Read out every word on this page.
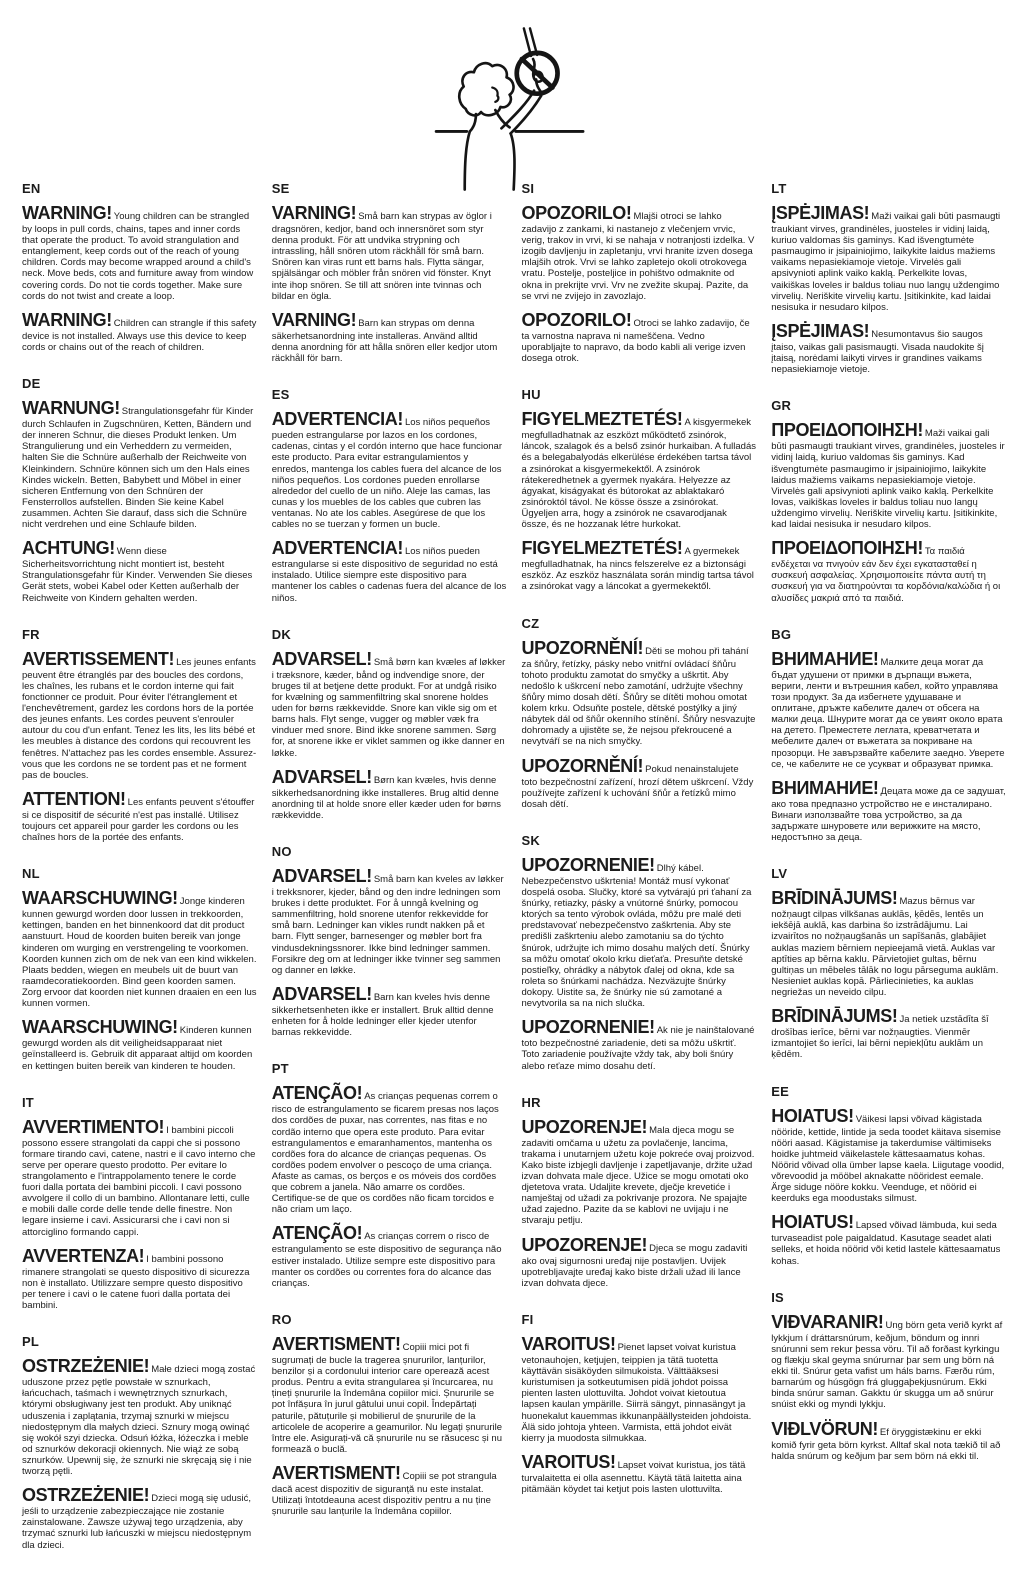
EN

WARNING! Young children can be strangled by loops in pull cords, chains, tapes and inner cords that operate the product. To avoid strangulation and entanglement, keep cords out of the reach of young children. Cords may become wrapped around a child's neck. Move beds, cots and furniture away from window covering cords. Do not tie cords together. Make sure cords do not twist and create a loop.

WARNING! Children can strangle if this safety device is not installed. Always use this device to keep cords or chains out of the reach of children.

DE

WARNUNG! Strangulationsgefahr für Kinder durch Schlaufen in Zugschnüren, Ketten, Bändern und der inneren Schnur, die dieses Produkt lenken. Um Strangulierung und ein Verheddern zu vermeiden, halten Sie die Schnüre außerhalb der Reichweite von Kleinkindern. Schnüre können sich um den Hals eines Kindes wickeln. Betten, Babybett und Möbel in einer sicheren Entfernung von den Schnüren der Fensterrollos aufstellen. Binden Sie keine Kabel zusammen. Achten Sie darauf, dass sich die Schnüre nicht verdrehen und eine Schlaufe bilden.

ACHTUNG! Wenn diese Sicherheitsvorrichtung nicht montiert ist, besteht Strangulationsgefahr für Kinder. Verwenden Sie dieses Gerät stets, wobei Kabel oder Ketten außerhalb der Reichweite von Kindern gehalten werden.

FR

AVERTISSEMENT! Les jeunes enfants peuvent être étranglés par des boucles des cordons, les chaînes, les rubans et le cordon interne qui fait fonctionner ce produit. Pour éviter l'étranglement et l'enchevêtrement, gardez les cordons hors de la portée des jeunes enfants. Les cordes peuvent s'enrouler autour du cou d'un enfant. Tenez les lits, les lits bébé et les meubles à distance des cordons qui recouvrent les fenêtres. N'attachez pas les cordes ensemble. Assurez-vous que les cordons ne se tordent pas et ne forment pas de boucles.

ATTENTION! Les enfants peuvent s'étouffer si ce dispositif de sécurité n'est pas installé. Utilisez toujours cet appareil pour garder les cordons ou les chaînes hors de la portée des enfants.

NL

WAARSCHUWING! Jonge kinderen kunnen gewurgd worden door lussen in trekkoorden, kettingen, banden en het binnenkoord dat dit product aanstuurt. Houd de koorden buiten bereik van jonge kinderen om wurging en verstrengeling te voorkomen. Koorden kunnen zich om de nek van een kind wikkelen. Plaats bedden, wiegen en meubels uit de buurt van raamdecoratiekoorden. Bind geen koorden samen. Zorg ervoor dat koorden niet kunnen draaien en een lus kunnen vormen.

WAARSCHUWING! Kinderen kunnen gewurgd worden als dit veiligheidsapparaat niet geïnstalleerd is. Gebruik dit apparaat altijd om koorden en kettingen buiten bereik van kinderen te houden.

IT

AVVERTIMENTO! I bambini piccoli possono essere strangolati da cappi che si possono formare tirando cavi, catene, nastri e il cavo interno che serve per operare questo prodotto. Per evitare lo strangolamento e l'intrappolamento tenere le corde fuori dalla portata dei bambini piccoli. I cavi possono avvolgere il collo di un bambino. Allontanare letti, culle e mobili dalle corde delle tende delle finestre. Non legare insieme i cavi. Assicurarsi che i cavi non si attorciglino formando cappi.

AVVERTENZA! I bambini possono rimanere strangolati se questo dispositivo di sicurezza non è installato. Utilizzare sempre questo dispositivo per tenere i cavi o le catene fuori dalla portata dei bambini.

PL

OSTRZEŻENIE! Małe dzieci mogą zostać uduszone przez pętle powstałe w sznurkach, łańcuchach, taśmach i wewnętrznych sznurkach, którymi obsługiwany jest ten produkt. Aby uniknąć uduszenia i zaplątania, trzymaj sznurki w miejscu niedostępnym dla małych dzieci. Sznury mogą owinąć się wokół szyi dziecka. Odsuń łóżka, łóżeczka i meble od sznurków dekoracji okiennych. Nie wiąż ze sobą sznurków. Upewnij się, że sznurki nie skręcają się i nie tworzą pętli.

OSTRZEŻENIE! Dzieci mogą się udusić, jeśli to urządzenie zabezpieczające nie zostanie zainstalowane. Zawsze używaj tego urządzenia, aby trzymać sznurki lub łańcuszki w miejscu niedostępnym dla dzieci.

SE

VARNING! Små barn kan strypas av öglor i dragsnören, kedjor, band och innersnöret som styr denna produkt. För att undvika strypning och intrassling, håll snören utom räckhåll för små barn. Snören kan viras runt ett barns hals. Flytta sängar, spjälsängar och möbler från snören vid fönster. Knyt inte ihop snören. Se till att snören inte tvinnas och bildar en ögla.

VARNING! Barn kan strypas om denna säkerhetsanordning inte installeras. Använd alltid denna anordning för att hålla snören eller kedjor utom räckhåll för barn.

ES

ADVERTENCIA! Los niños pequeños pueden estrangularse por lazos en los cordones, cadenas, cintas y el cordón interno que hace funcionar este producto. Para evitar estrangulamientos y enredos, mantenga los cables fuera del alcance de los niños pequeños. Los cordones pueden enrollarse alrededor del cuello de un niño. Aleje las camas, las cunas y los muebles de los cables que cubren las ventanas. No ate los cables. Asegúrese de que los cables no se tuerzan y formen un bucle.

ADVERTENCIA! Los niños pueden estrangularse si este dispositivo de seguridad no está instalado. Utilice siempre este dispositivo para mantener los cables o cadenas fuera del alcance de los niños.

DK

ADVARSEL! Små børn kan kvæles af løkker i træksnore, kæder, bånd og indvendige snore, der bruges til at betjene dette produkt. For at undgå risiko for kvælning og sammenfiltring skal snorene holdes uden for børns rækkevidde. Snore kan vikle sig om et barns hals. Flyt senge, vugger og møbler væk fra vinduer med snore. Bind ikke snorene sammen. Sørg for, at snorene ikke er viklet sammen og ikke danner en løkke.

ADVARSEL! Børn kan kvæles, hvis denne sikkerhedsanordning ikke installeres. Brug altid denne anordning til at holde snore eller kæder uden for børns rækkevidde.

NO

ADVARSEL! Små barn kan kveles av løkker i trekksnorer, kjeder, bånd og den indre ledningen som brukes i dette produktet. For å unngå kvelning og sammenfiltring, hold snorene utenfor rekkevidde for små barn. Ledninger kan vikles rundt nakken på et barn. Flytt senger, barnesenger og møbler bort fra vindusdekningssnorer. Ikke bind ledninger sammen. Forsikre deg om at ledninger ikke tvinner seg sammen og danner en løkke.

ADVARSEL! Barn kan kveles hvis denne sikkerhetsenheten ikke er installert. Bruk alltid denne enheten for å holde ledninger eller kjeder utenfor barnas rekkevidde.

PT

ATENÇÃO! As crianças pequenas correm o risco de estrangulamento se ficarem presas nos laços dos cordões de puxar, nas correntes, nas fitas e no cordão interno que opera este produto. Para evitar estrangulamentos e emaranhamentos, mantenha os cordões fora do alcance de crianças pequenas. Os cordões podem envolver o pescoço de uma criança. Afaste as camas, os berços e os móveis dos cordões que cobrem a janela. Não amarre os cordões. Certifique-se de que os cordões não ficam torcidos e não criam um laço.

ATENÇÃO! As crianças correm o risco de estrangulamento se este dispositivo de segurança não estiver instalado. Utilize sempre este dispositivo para manter os cordões ou correntes fora do alcance das crianças.

RO

AVERTISMENT! Copiii mici pot fi sugrumați de bucle la tragerea șnururilor, lanțurilor, benzilor și a cordonului interior care operează acest produs. Pentru a evita strangularea și încurcarea, nu țineți șnururile la îndemâna copiilor mici. Șnururile se pot înfășura în jurul gâtului unui copil. Îndepărtați paturile, pătuțurile și mobilierul de șnururile de la articolele de acoperire a geamurilor. Nu legați șnururile între ele. Asigurați-vă că șnururile nu se răsucesc și nu formează o buclă.

AVERTISMENT! Copiii se pot strangula dacă acest dispozitiv de siguranță nu este instalat. Utilizați întotdeauna acest dispozitiv pentru a nu ține șnururile sau lanțurile la îndemâna copiilor.

SI

OPOZORILO! Mlajši otroci se lahko zadavijo z zankami, ki nastanejo z vlečenjem vrvic, verig, trakov in vrvi, ki se nahaja v notranjosti izdelka. V izogib davljenju in zapletanju, vrvi hranite izven dosega mlajših otrok. Vrvi se lahko zapletejo okoli otrokovega vratu. Postelje, posteljice in pohištvo odmaknite od okna in prekrijte vrvi. Vrv ne zvežite skupaj. Pazite, da se vrvi ne zvijejo in zavozlajo.

OPOZORILO! Otroci se lahko zadavijo, če ta varnostna naprava ni nameščena. Vedno uporabljajte to napravo, da bodo kabli ali verige izven dosega otrok.

HU

FIGYELMEZTETÉS! A kisgyermekek megfulladhatnak az eszközt működtető zsinórok, láncok, szalagok és a belső zsinór hurkaiban. A fulladás és a belegabalyodás elkerülése érdekében tartsa távol a zsinórokat a kisgyermekektől. A zsinórok rátekeredhetnek a gyermek nyakára. Helyezze az ágyakat, kiságyakat és bútorokat az ablaktakaró zsinóroktól távol. Ne kösse össze a zsinórokat. Ügyeljen arra, hogy a zsinórok ne csavarodjanak össze, és ne hozzanak létre hurkokat.

FIGYELMEZTETÉS! A gyermekek megfulladhatnak, ha nincs felszerelve ez a biztonsági eszköz. Az eszköz használata során mindig tartsa távol a zsinórokat vagy a láncokat a gyermekektől.

CZ

UPOZORNĚNÍ! Děti se mohou při tahání za šňůry, řetízky, pásky nebo vnitřní ovládací šňůru tohoto produktu zamotat do smyčky a uškrtit. Aby nedošlo k uškrcení nebo zamotání, udržujte všechny šňůry mimo dosah dětí. Šňůry se dítěti mohou omotat kolem krku. Odsuňte postele, dětské postýlky a jiný nábytek dál od šňůr okenního stínění. Šňůry nesvazujte dohromady a ujistěte se, že nejsou překroucené a nevytváří se na nich smyčky.

UPOZORNĚNÍ! Pokud nenainstalujete toto bezpečnostní zařízení, hrozí dětem uškrcení. Vždy používejte zařízení k uchování šňůr a řetízků mimo dosah dětí.

SK

UPOZORNENIE! Dlhý kábel. Nebezpečenstvo uškrtenia! Montáž musí vykonať dospelá osoba. Slučky, ktoré sa vytvárajú pri ťahaní za šnúrky, retiazky, pásky a vnútorné šnúrky, pomocou ktorých sa tento výrobok ovláda, môžu pre malé deti predstavovať nebezpečenstvo zaškrtenia. Aby ste predišli zaškrteniu alebo zamotaniu sa do týchto šnúrok, udržujte ich mimo dosahu malých detí. Šnúrky sa môžu omotať okolo krku dieťaťa. Presuňte detské postieľky, ohrádky a nábytok ďalej od okna, kde sa roleta so šnúrkami nachádza. Nezväzujte šnúrky dokopy. Uistite sa, že šnúrky nie sú zamotané a nevytvorila sa na nich slučka.

UPOZORNENIE! Ak nie je nainštalované toto bezpečnostné zariadenie, deti sa môžu uškrtiť. Toto zariadenie používajte vždy tak, aby boli šnúry alebo reťaze mimo dosahu detí.

HR

UPOZORENJE! Mala djeca mogu se zadaviti omčama u užetu za povlačenje, lancima, trakama i unutarnjem užetu koje pokreće ovaj proizvod. Kako biste izbjegli davljenje i zapetljavanje, držite užad izvan dohvata male djece. Užice se mogu omotati oko djetetova vrata. Udaljite krevete, dječje krevetiće i namještaj od užadi za pokrivanje prozora. Ne spajajte užad zajedno. Pazite da se kablovi ne uvijaju i ne stvaraju petlju.

UPOZORENJE! Djeca se mogu zadaviti ako ovaj sigurnosni uređaj nije postavljen. Uvijek upotrebljavajte uređaj kako biste držali užad ili lance izvan dohvata djece.

FI

VAROITUS! Pienet lapset voivat kuristua vetonauhojen, ketjujen, teippien ja tätä tuotetta käyttävän sisäköyden silmukoista. Välttääksesi kuristumisen ja sotkeutumisen pidä johdot poissa pienten lasten ulottuvilta. Johdot voivat kietoutua lapsen kaulan ympärille. Siirrä sängyt, pinnasängyt ja huonekalut kauemmas ikkunanpäällysteiden johdoista. Älä sido johtoja yhteen. Varmista, että johdot eivät kierry ja muodosta silmukkaa.

VAROITUS! Lapset voivat kuristua, jos tätä turvalaitetta ei olla asennettu. Käytä tätä laitetta aina pitämään köydet tai ketjut pois lasten ulottuvilta.

LT

ĮSPĖJIMAS! Maži vaikai gali būti pasmaugti traukiant virves, grandinėles, juosteles ir vidinį laidą, kuriuo valdomas šis gaminys. Kad išvengtumėte pasmaugimo ir įsipainiojimo, laikykite laidus mažiems vaikams nepasiekiamoje vietoje. Virvelės gali apsivynioti aplink vaiko kaklą. Perkelkite lovas, vaikiškas loveles ir baldus toliau nuo langų uždengimo virvelių. Neriškite virvelių kartu. Įsitikinkite, kad laidai nesisuka ir nesudaro kilpos.

ĮSPĖJIMAS! Nesumontavus šio saugos įtaiso, vaikas gali pasismaugti. Visada naudokite šį įtaisą, norėdami laikyti virves ir grandines vaikams nepasiekiamoje vietoje.

GR

ΠΡΟΕΙΔΟΠΟΙΗΣΗ! Maži vaikai gali būti pasmaugti traukiant virves, grandinėles, juosteles ir vidinį laidą, kuriuo valdomas šis gaminys. Kad išvengtumėte pasmaugimo ir įsipainiojimo, laikykite laidus mažiems vaikams nepasiekiamoje vietoje. Virvelės gali apsivynioti aplink vaiko kaklą. Perkelkite lovas, vaikiškas loveles ir baldus toliau nuo langų uždengimo virvelių. Neriškite virvelių kartu. Įsitikinkite, kad laidai nesisuka ir nesudaro kilpos.

ΠΡΟΕΙΔΟΠΟΙΗΣΗ! Τα παιδιά ενδέχεται να πνιγούν εάν δεν έχει εγκατασταθεί η συσκευή ασφαλείας. Χρησιμοποιείτε πάντα αυτή τη συσκευή για να διατηρούνται τα κορδόνια/καλώδια ή οι αλυσίδες μακριά από τα παιδιά.

BG

ВНИМАНИЕ! Малките деца могат да бъдат удушени от примки в дърпащи въжета, вериги, ленти и вътрешния кабел, който управлява този продукт. За да избегнете удушаване и оплитане, дръжте кабелите далеч от обсега на малки деца. Шнурите могат да се увият около врата на детето. Преместете леглата, креватчетата и мебелите далеч от въжетата за покриване на прозорци. Не завързвайте кабелите заедно. Уверете се, че кабелите не се усукват и образуват примка.

ВНИМАНИЕ! Децата може да се задушат, ако това предпазно устройство не е инсталирано. Винаги използвайте това устройство, за да задържате шнуровете или верижките на място, недостъпно за деца.

LV

BRĪDINĀJUMS! Mazus bērnus var nožņaugt cilpas vilkšanas auklās, ķēdēs, lentēs un iekšējā auklā, kas darbina šo izstrādājumu. Lai izvairītos no nožņaugšanās un sapīšanās, glabājiet auklas maziem bērniem nepieejamā vietā. Auklas var aptīties ap bērna kaklu. Pārvietojiet gultas, bērnu gultiņas un mēbeles tālāk no logu pārseguma auklām. Nesieniet auklas kopā. Pārliecinieties, ka auklas negriežas un neveido cilpu.

BRĪDINĀJUMS! Ja netiek uzstādīta šī drošības ierīce, bērni var nožņaugties. Vienmēr izmantojiet šo ierīci, lai bērni nepiekļūtu auklām un ķēdēm.

EE

HOIATUS! Väikesi lapsi võivad kägistada nööride, kettide, lintide ja seda toodet käitava sisemise nööri aasad. Kägistamise ja takerdumise vältimiseks hoidke juhtmeid väikelastele kättesaamatus kohas. Nöörid võivad olla ümber lapse kaela. Liigutage voodid, võrevoodid ja mööbel aknakatte nööridest eemale. Ärge siduge nööre kokku. Veenduge, et nöörid ei keerduks ega moodustaks silmust.

HOIATUS! Lapsed võivad lämbuda, kui seda turvaseadist pole paigaldatud. Kasutage seadet alati selleks, et hoida nöörid või ketid lastele kättesaamatus kohas.

IS

VIÐVARANIR! Ung börn geta verið kyrkt af lykkjum í dráttarsnúrum, keðjum, böndum og innri snúrunni sem rekur þessa vöru. Til að forðast kyrkingu og flækju skal geyma snúrurnar þar sem ung börn ná ekki til. Snúrur geta vafist um háls barns. Færðu rúm, barnarúm og húsgögn frá gluggaþekjusnúrum. Ekki binda snúrur saman. Gakktu úr skugga um að snúrur snúist ekki og myndi lykkju.

VIÐLVÖRUN! Ef öryggistækinu er ekki komið fyrir geta börn kyrkst. Alltaf skal nota tækið til að halda snúrum og keðjum þar sem börn ná ekki til.
